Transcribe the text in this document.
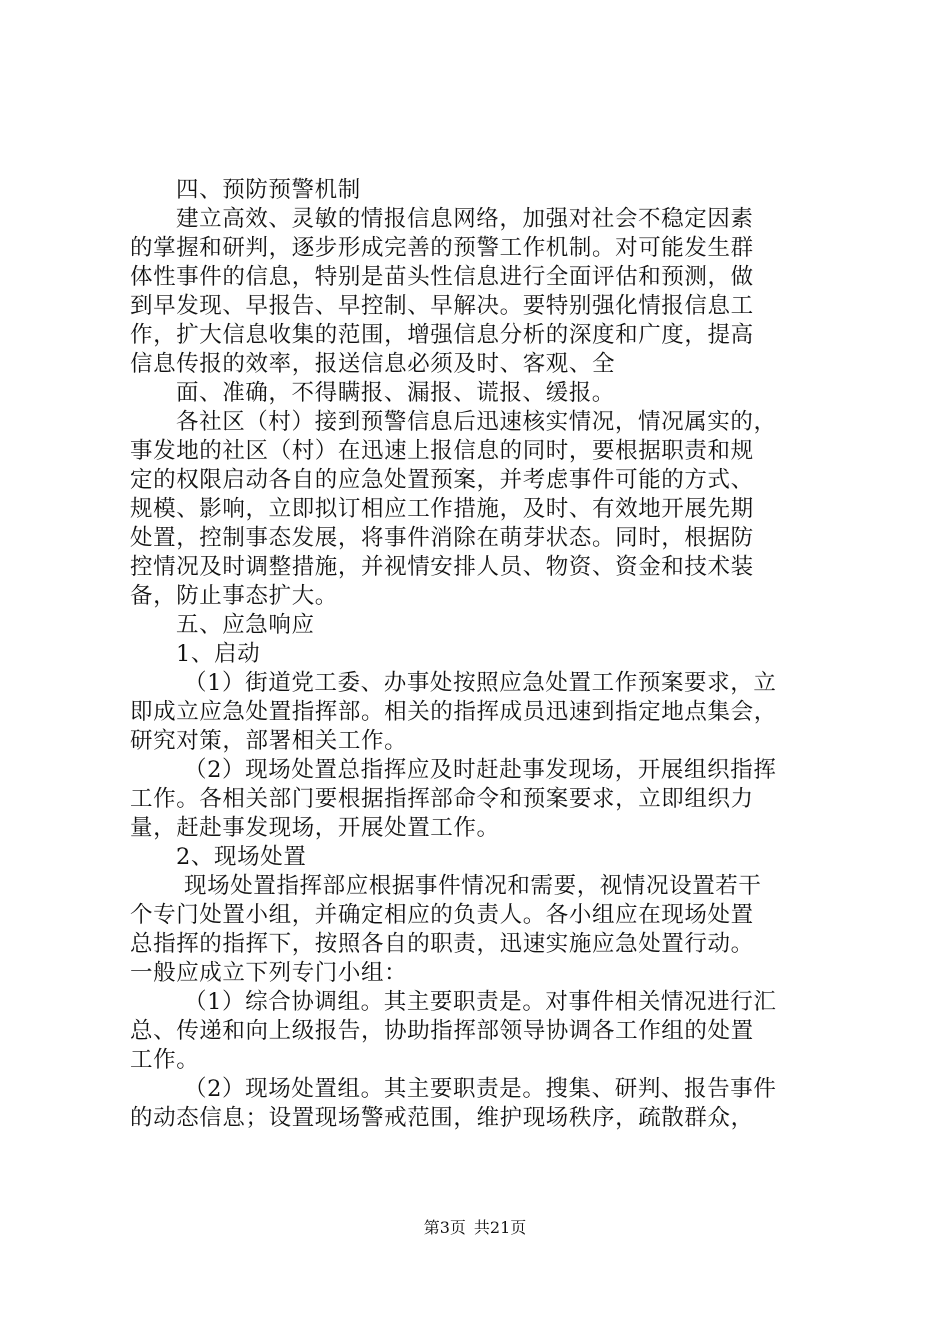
四、预防预警机制
建立高效、灵敏的情报信息网络，加强对社会不稳定因素
的掌握和研判，逐步形成完善的预警工作机制。对可能发生群
体性事件的信息，特别是苗头性信息进行全面评估和预测，做
到早发现、早报告、早控制、早解决。要特别强化情报信息工
作，扩大信息收集的范围，增强信息分析的深度和广度，提高
信息传报的效率，报送信息必须及时、客观、全
面、准确，不得瞒报、漏报、谎报、缓报。
各社区（村）接到预警信息后迅速核实情况，情况属实的，
事发地的社区（村）在迅速上报信息的同时，要根据职责和规
定的权限启动各自的应急处置预案，并考虑事件可能的方式、
规模、影响，立即拟订相应工作措施，及时、有效地开展先期
处置，控制事态发展，将事件消除在萌芽状态。同时，根据防
控情况及时调整措施，并视情安排人员、物资、资金和技术装
备，防止事态扩大。
五、应急响应
1、启动
（1）街道党工委、办事处按照应急处置工作预案要求，立
即成立应急处置指挥部。相关的指挥成员迅速到指定地点集会，
研究对策，部署相关工作。
（2）现场处置总指挥应及时赶赴事发现场，开展组织指挥
工作。各相关部门要根据指挥部命令和预案要求，立即组织力
量，赶赴事发现场，开展处置工作。
2、现场处置
现场处置指挥部应根据事件情况和需要，视情况设置若干
个专门处置小组，并确定相应的负责人。各小组应在现场处置
总指挥的指挥下，按照各自的职责，迅速实施应急处置行动。
一般应成立下列专门小组：
（1）综合协调组。其主要职责是。对事件相关情况进行汇
总、传递和向上级报告，协助指挥部领导协调各工作组的处置
工作。
（2）现场处置组。其主要职责是。搜集、研判、报告事件
的动态信息；设置现场警戒范围，维护现场秩序，疏散群众，
第3页 共21页
